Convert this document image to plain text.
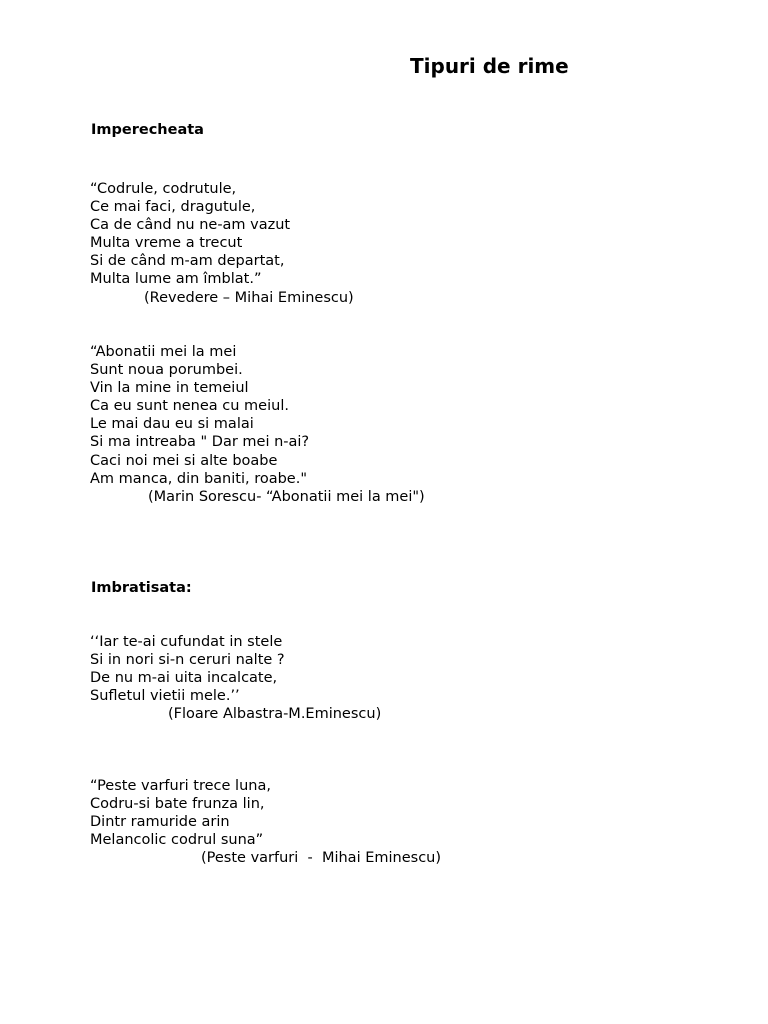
Tipuri de rime
Imperecheata
“Codrule, codrutule,
Ce mai faci, dragutule,
Ca de când nu ne-am vazut
Multa vreme a trecut
Si de când m-am departat,
Multa lume am îmblat.”
(Revedere – Mihai Eminescu)
“Abonatii mei la mei
Sunt noua porumbei.
Vin la mine in temeiul
Ca eu sunt nenea cu meiul.
Le mai dau eu si malai
Si ma intreaba " Dar mei n-ai?
Caci noi mei si alte boabe
Am manca, din baniti, roabe."
(Marin Sorescu- “Abonatii mei la mei")
Imbratisata:
‘‘Iar te-ai cufundat in stele
Si in nori si-n ceruri nalte ?
De nu m-ai uita incalcate,
Sufletul vietii mele.’’
(Floare Albastra-M.Eminescu)
“Peste varfuri trece luna,
Codru-si bate frunza lin,
Dintr ramuride arin
Melancolic codrul suna”
(Peste varfuri  -  Mihai Eminescu)
